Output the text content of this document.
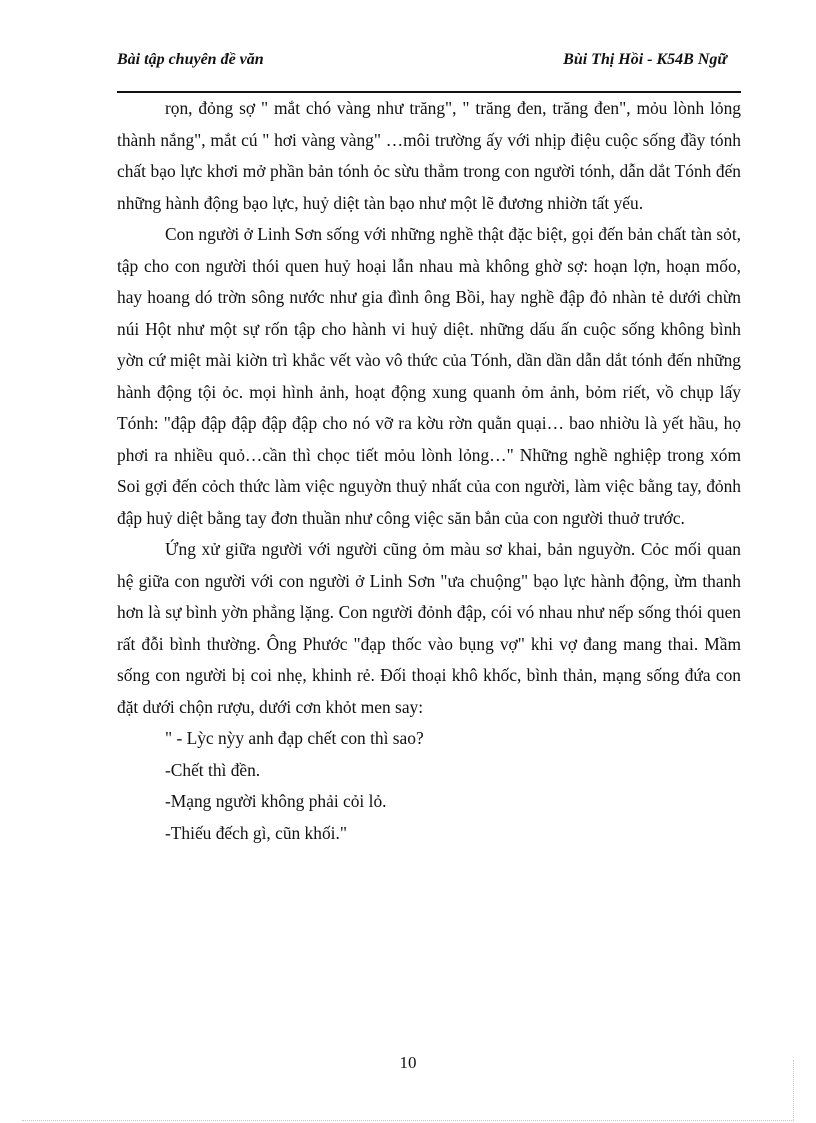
Bài tập chuyên đề văn	Bùi Thị Hồi - K54B Ngữ

rọn, đỏng sợ " mắt chó vàng như trăng", " trăng đen, trăng đen", mỏu lònh lỏng thành nắng", mắt cú " hơi vàng vàng" …môi trường ấy với nhịp điệu cuộc sống đầy tónh chất bạo lực khơi mở phần bản tónh ỏc sừu thẳm trong con người tónh, dẫn dắt Tónh đến những hành động bạo lực, huỷ diệt tàn bạo như một lẽ đương nhiờn tất yếu.

Con người ở Linh Sơn sống với những nghề thật đặc biệt, gọi đến bản chất tàn sỏt, tập cho con người thói quen huỷ hoại lẫn nhau mà không ghờ sợ: hoạn lợn, hoạn mốo, hay hoang dó trờn sông nước như gia đình ông Bồi, hay nghề đập đỏ nhàn tẻ dưới chừn núi Hột như một sự rốn tập cho hành vi huỷ diệt. những dấu ấn cuộc sống không bình yờn cứ miệt mài kiờn trì khắc vết vào vô thức của Tónh, dần dần dẫn dắt tónh đến những hành động tội ỏc. mọi hình ảnh, hoạt động xung quanh ỏm ảnh, bỏm riết, vồ chụp lấy Tónh: "đập đập đập đập đập cho nó vỡ ra kờu rờn quằn quại… bao nhiờu là yết hầu, họ phơi ra nhiều quỏ…cần thì chọc tiết mỏu lònh lỏng…" Những nghề nghiệp trong xóm Soi gợi đến cỏch thức làm việc nguyờn thuỷ nhất của con người, làm việc bằng tay, đỏnh đập huỷ diệt bằng tay đơn thuần như công việc săn bắn của con người thuở trước.

Ứng xử giữa người với người cũng ỏm màu sơ khai, bản nguyờn. Cỏc mối quan hệ giữa con người với con người ở Linh Sơn "ưa chuộng" bạo lực hành động, ừm thanh hơn là sự bình yờn phẳng lặng. Con người đỏnh đập, cói vó nhau như nếp sống thói quen rất đỗi bình thường. Ông Phước "đạp thốc vào bụng vợ" khi vợ đang mang thai. Mầm sống con người bị coi nhẹ, khinh rẻ. Đối thoại khô khốc, bình thản, mạng sống đứa con đặt dưới chộn rượu, dưới cơn khỏt men say:

" - Lỳc nỳy anh đạp chết con thì sao?

-Chết thì đền.

-Mạng người không phải cỏi lỏ.

-Thiếu đếch gì, cũn khối."

10
